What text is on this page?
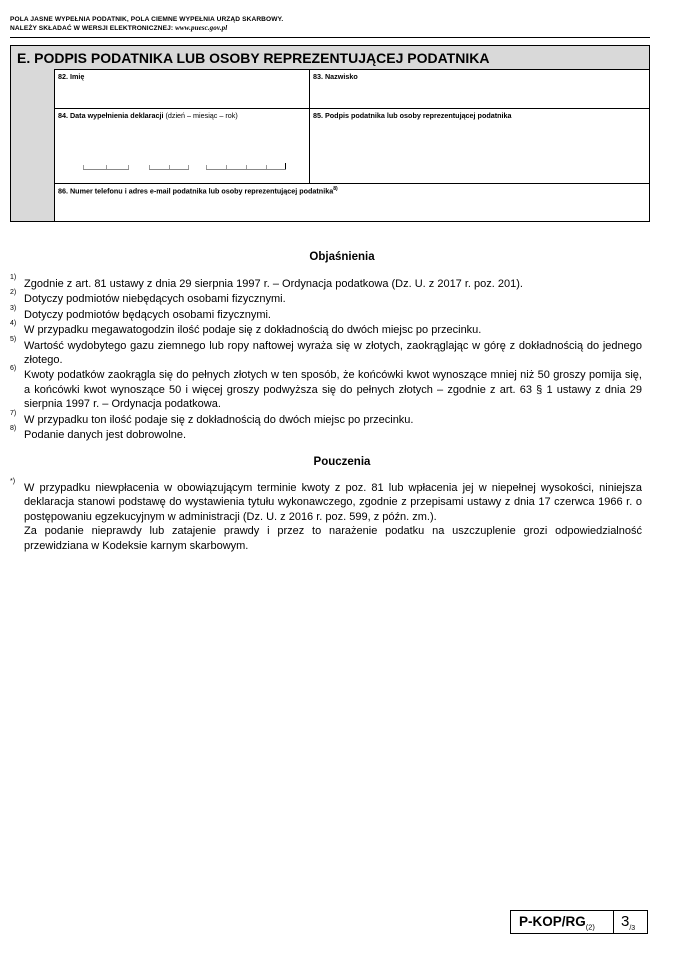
POLA JASNE WYPEŁNIA PODATNIK, POLA CIEMNE WYPEŁNIA URZĄD SKARBOWY.
NALEŻY SKŁADAĆ W WERSJI ELEKTRONICZNEJ: www.puesc.gov.pl
E. PODPIS PODATNIKA LUB OSOBY REPREZENTUJĄCEJ PODATNIKA
82. Imię	83. Nazwisko
84. Data wypełnienia deklaracji (dzień – miesiąc – rok)	85. Podpis podatnika lub osoby reprezentującej podatnika
86. Numer telefonu i adres e-mail podatnika lub osoby reprezentującej podatnika$^{8)}$
Objaśnienia

1)
Zgodnie z art. 81 ustawy z dnia 29 sierpnia 1997 r. – Ordynacja podatkowa (Dz. U. z 2017 r. poz. 201).

2)
Dotyczy podmiotów niebędących osobami fizycznymi.

3)
Dotyczy podmiotów będących osobami fizycznymi.

4)
W przypadku megawatogodzin ilość podaje się z dokładnością do dwóch miejsc po przecinku.

5)
Wartość wydobytego gazu ziemnego lub ropy naftowej wyraża się w złotych, zaokrąglając w górę z dokładnością do jednego złotego.

6)
Kwoty podatków zaokrągla się do pełnych złotych w ten sposób, że końcówki kwot wynoszące mniej niż 50 groszy pomija się, a końcówki kwot wynoszące 50 i więcej groszy podwyższa się do pełnych złotych – zgodnie z art. 63 § 1 ustawy z dnia 29 sierpnia 1997 r. – Ordynacja podatkowa.

7)
W przypadku ton ilość podaje się z dokładnością do dwóch miejsc po przecinku.

8)
Podanie danych jest dobrowolne.

Pouczenia

*)
W przypadku niewpłacenia w obowiązującym terminie kwoty z poz. 81 lub wpłacenia jej w niepełnej wysokości, niniejsza deklaracja stanowi podstawę do wystawienia tytułu wykonawczego, zgodnie z przepisami ustawy z dnia 17 czerwca 1966 r. o postępowaniu egzekucyjnym w administracji (Dz. U. z 2016 r. poz. 599, z późn. zm.).

Za podanie nieprawdy lub zatajenie prawdy i przez to narażenie podatku na uszczuplenie grozi odpowiedzialność przewidziana w Kodeksie karnym skarbowym.

$P-KOP/RG_{(2)}$ $3_{/3}$
